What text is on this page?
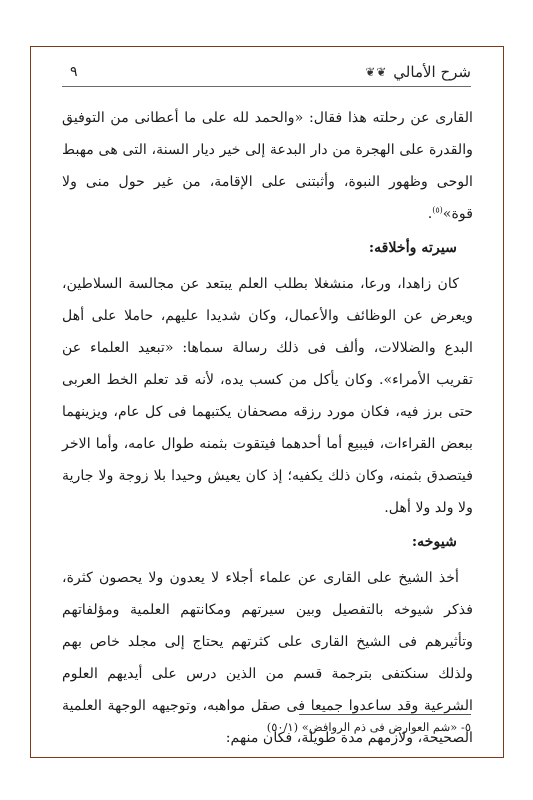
شرح الأمالي
❦❦
٩

القارى عن رحلته هذا فقال: «والحمد لله على ما أعطانى من التوفيق والقدرة على الهجرة من دار البدعة إلى خير ديار السنة، التى هى مهبط الوحى وظهور النبوة، وأثبتنى على الإقامة، من غير حول منى ولا قوة»$^{(٥)}$.

سيرته وأخلاقه:

كان زاهدا، ورعا، منشغلا بطلب العلم يبتعد عن مجالسة السلاطين، ويعرض عن الوظائف والأعمال، وكان شديدا عليهم، حاملا على أهل البدع والضلالات، وألف فى ذلك رسالة سماها: «تبعيد العلماء عن تقريب الأمراء». وكان يأكل من كسب يده، لأنه قد تعلم الخط العربى حتى برز فيه، فكان مورد رزقه مصحفان يكتبهما فى كل عام، ويزينهما ببعض القراءات، فيبيع أما أحدهما فيتقوت بثمنه طوال عامه، وأما الاخر فيتصدق بثمنه، وكان ذلك يكفيه؛ إذ كان يعيش وحيدا بلا زوجة ولا جارية ولا ولد ولا أهل.

شيوخه:

أخذ الشيخ على القارى عن علماء أجلاء لا يعدون ولا يحصون كثرة، فذكر شيوخه بالتفصيل وبين سيرتهم ومكانتهم العلمية ومؤلفاتهم وتأثيرهم فى الشيخ القارى على كثرتهم يحتاج إلى مجلد خاص بهم ولذلك سنكتفى بترجمة قسم من الذين درس على أيديهم العلوم الشرعية وقد ساعدوا جميعا فى صقل مواهبه، وتوجيهه الوجهة العلمية الصحيحة، ولازمهم مدة طويلة، فكان منهم:

٥- «شم العوارض فى ذم الروافض» (٥٠/١)
